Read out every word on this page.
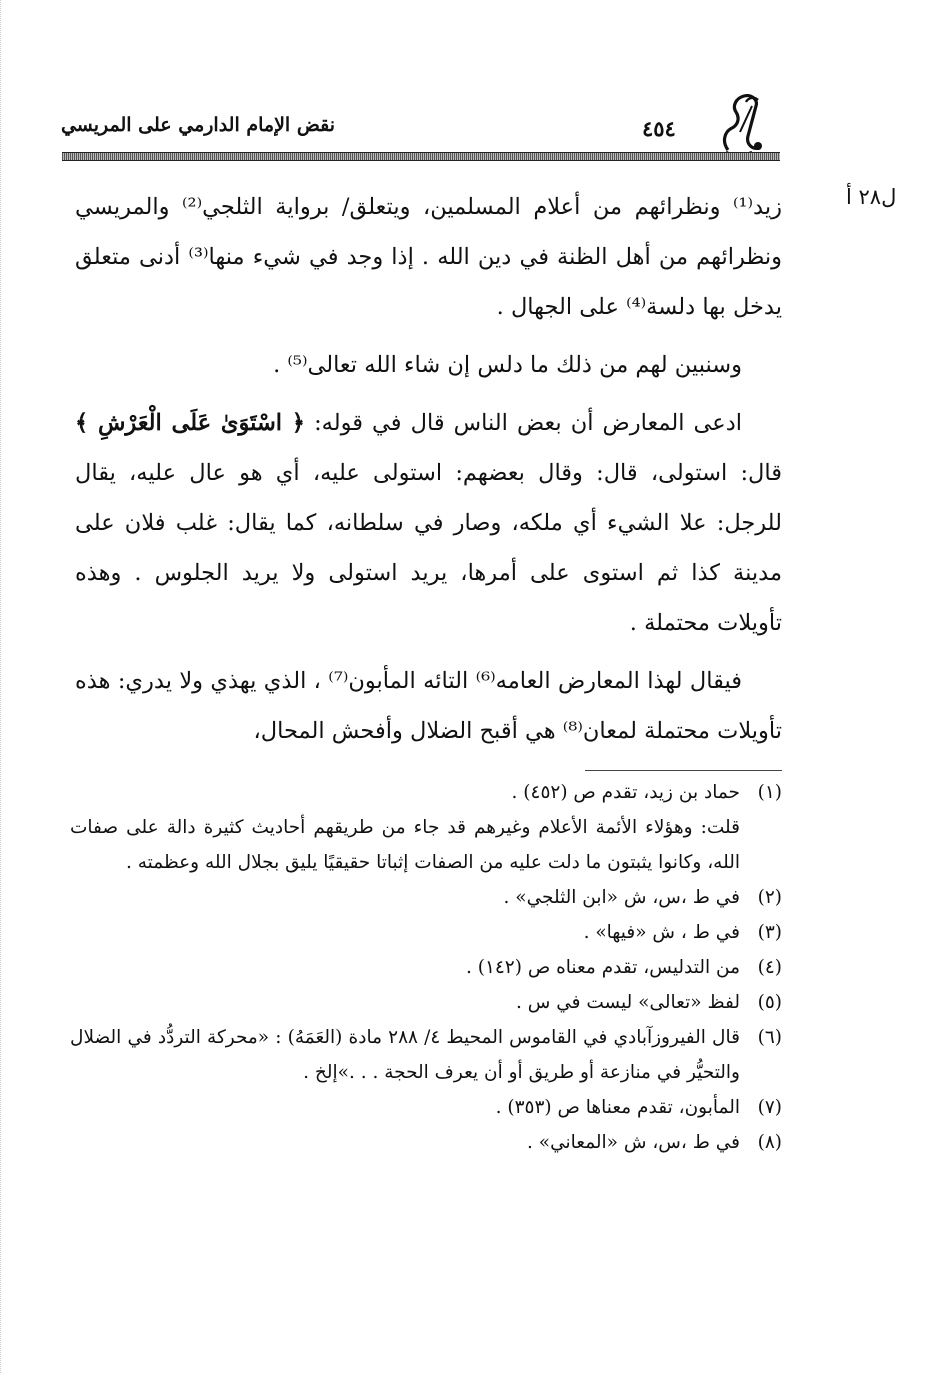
نقض الإمام الدارمي على المريسي	٤٥٤
ل٢٨ أ

زيد⁽¹⁾ ونظرائهم من أعلام المسلمين، ويتعلق/ برواية الثلجي⁽²⁾ والمريسي ونظرائهم من أهل الظنة في دين الله . إذا وجد في شيء منها⁽³⁾ أدنى متعلق يدخل بها دلسة⁽⁴⁾ على الجهال .

وسنبين لهم من ذلك ما دلس إن شاء الله تعالى⁽⁵⁾ .

ادعى المعارض أن بعض الناس قال في قوله: ﴿ اسْتَوَىٰ عَلَى الْعَرْشِ ﴾ قال: استولى، قال: وقال بعضهم: استولى عليه، أي هو عال عليه، يقال للرجل: علا الشيء أي ملكه، وصار في سلطانه، كما يقال: غلب فلان على مدينة كذا ثم استوى على أمرها، يريد استولى ولا يريد الجلوس . وهذه تأويلات محتملة .

فيقال لهذا المعارض العامه⁽⁶⁾ التائه المأبون⁽⁷⁾ ، الذي يهذي ولا يدري: هذه تأويلات محتملة لمعان⁽⁸⁾ هي أقبح الضلال وأفحش المحال،

(١)
حماد بن زيد، تقدم ص (٤٥٢) .

قلت: وهؤلاء الأئمة الأعلام وغيرهم قد جاء من طريقهم أحاديث كثيرة دالة على صفات الله، وكانوا يثبتون ما دلت عليه من الصفات إثباتا حقيقيًا يليق بجلال الله وعظمته .

(٢)
في ط ،س، ش «ابن الثلجي» .

(٣)
في ط ، ش «فيها» .

(٤)
من التدليس، تقدم معناه ص (١٤٢) .

(٥)
لفظ «تعالى» ليست في س .

(٦)
قال الفيروزآبادي في القاموس المحيط ٤/ ٢٨٨ مادة (العَمَهُ) : «محركة التردُّد في الضلال والتحيُّر في منازعة أو طريق أو أن يعرف الحجة . . .»إلخ .

(٧)
المأبون، تقدم معناها ص (٣٥٣) .

(٨)
في ط ،س، ش «المعاني» .
